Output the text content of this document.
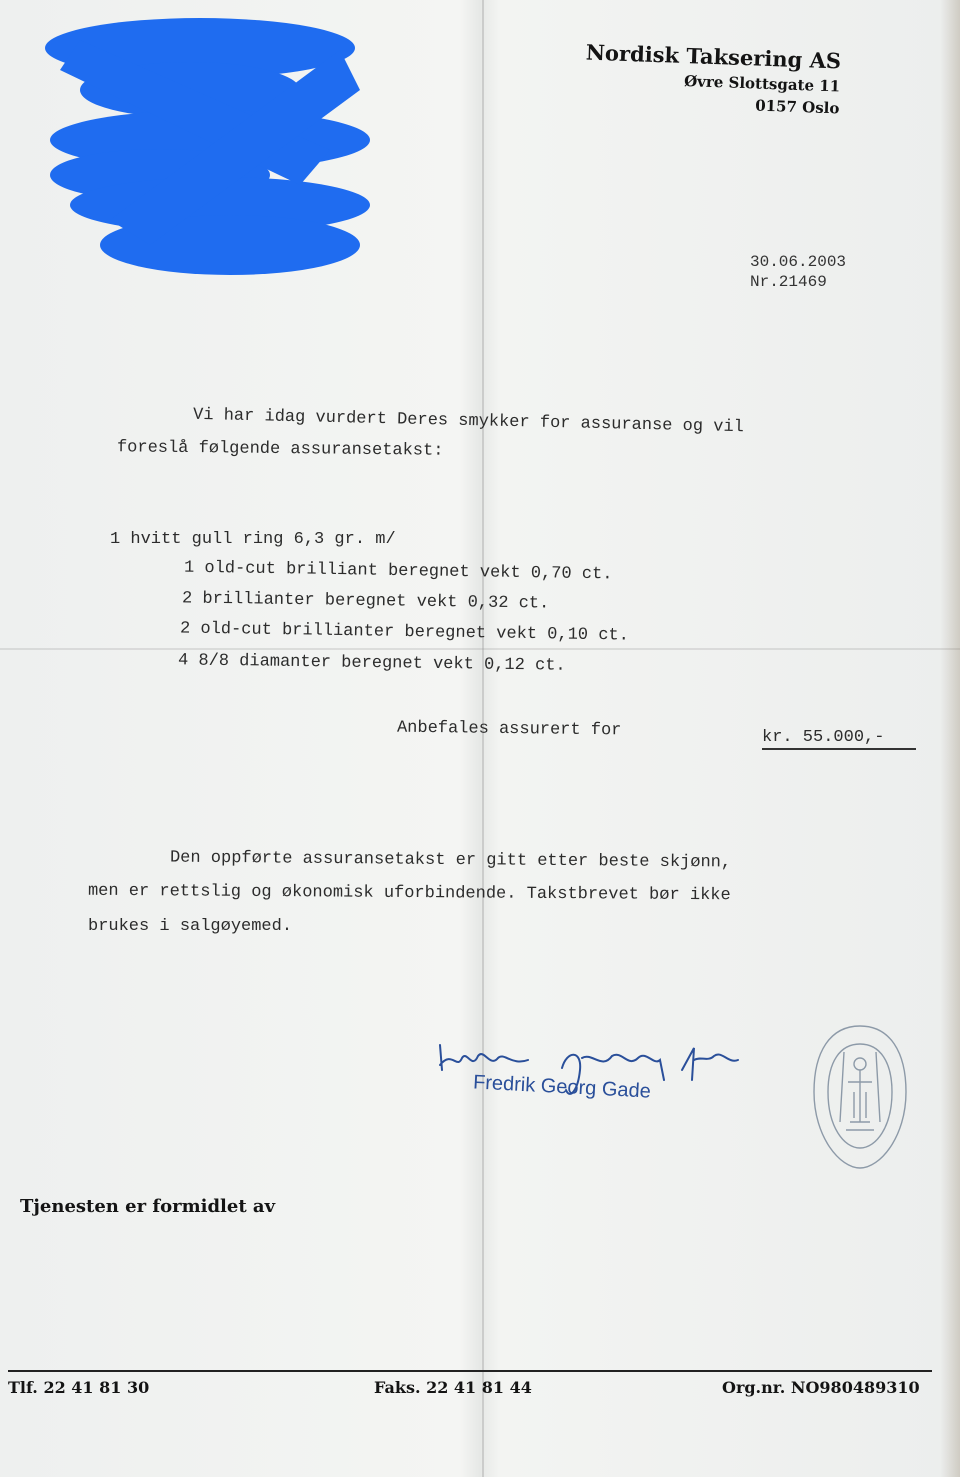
Nordisk Taksering AS
Øvre Slottsgate 11
0157 Oslo
30.06.2003
Nr.21469
Vi har idag vurdert Deres smykker for assuranse og vil
foreslå følgende assuransetakst:
1 hvitt gull ring 6,3 gr. m/
1 old-cut brilliant beregnet vekt 0,70 ct.
2 brillianter beregnet vekt 0,32 ct.
2 old-cut brillianter beregnet vekt 0,10 ct.
4 8/8 diamanter beregnet vekt 0,12 ct.
Anbefales assurert for	kr. 55.000,-
Den oppførte assuransetakst er gitt etter beste skjønn,
men er rettslig og økonomisk uforbindende. Takstbrevet bør ikke
brukes i salgøyemed.
Fredrik Georg Gade
Tjenesten er formidlet av
Tlf. 22 41 81 30	Faks. 22 41 81 44	Org.nr. NO980489310
